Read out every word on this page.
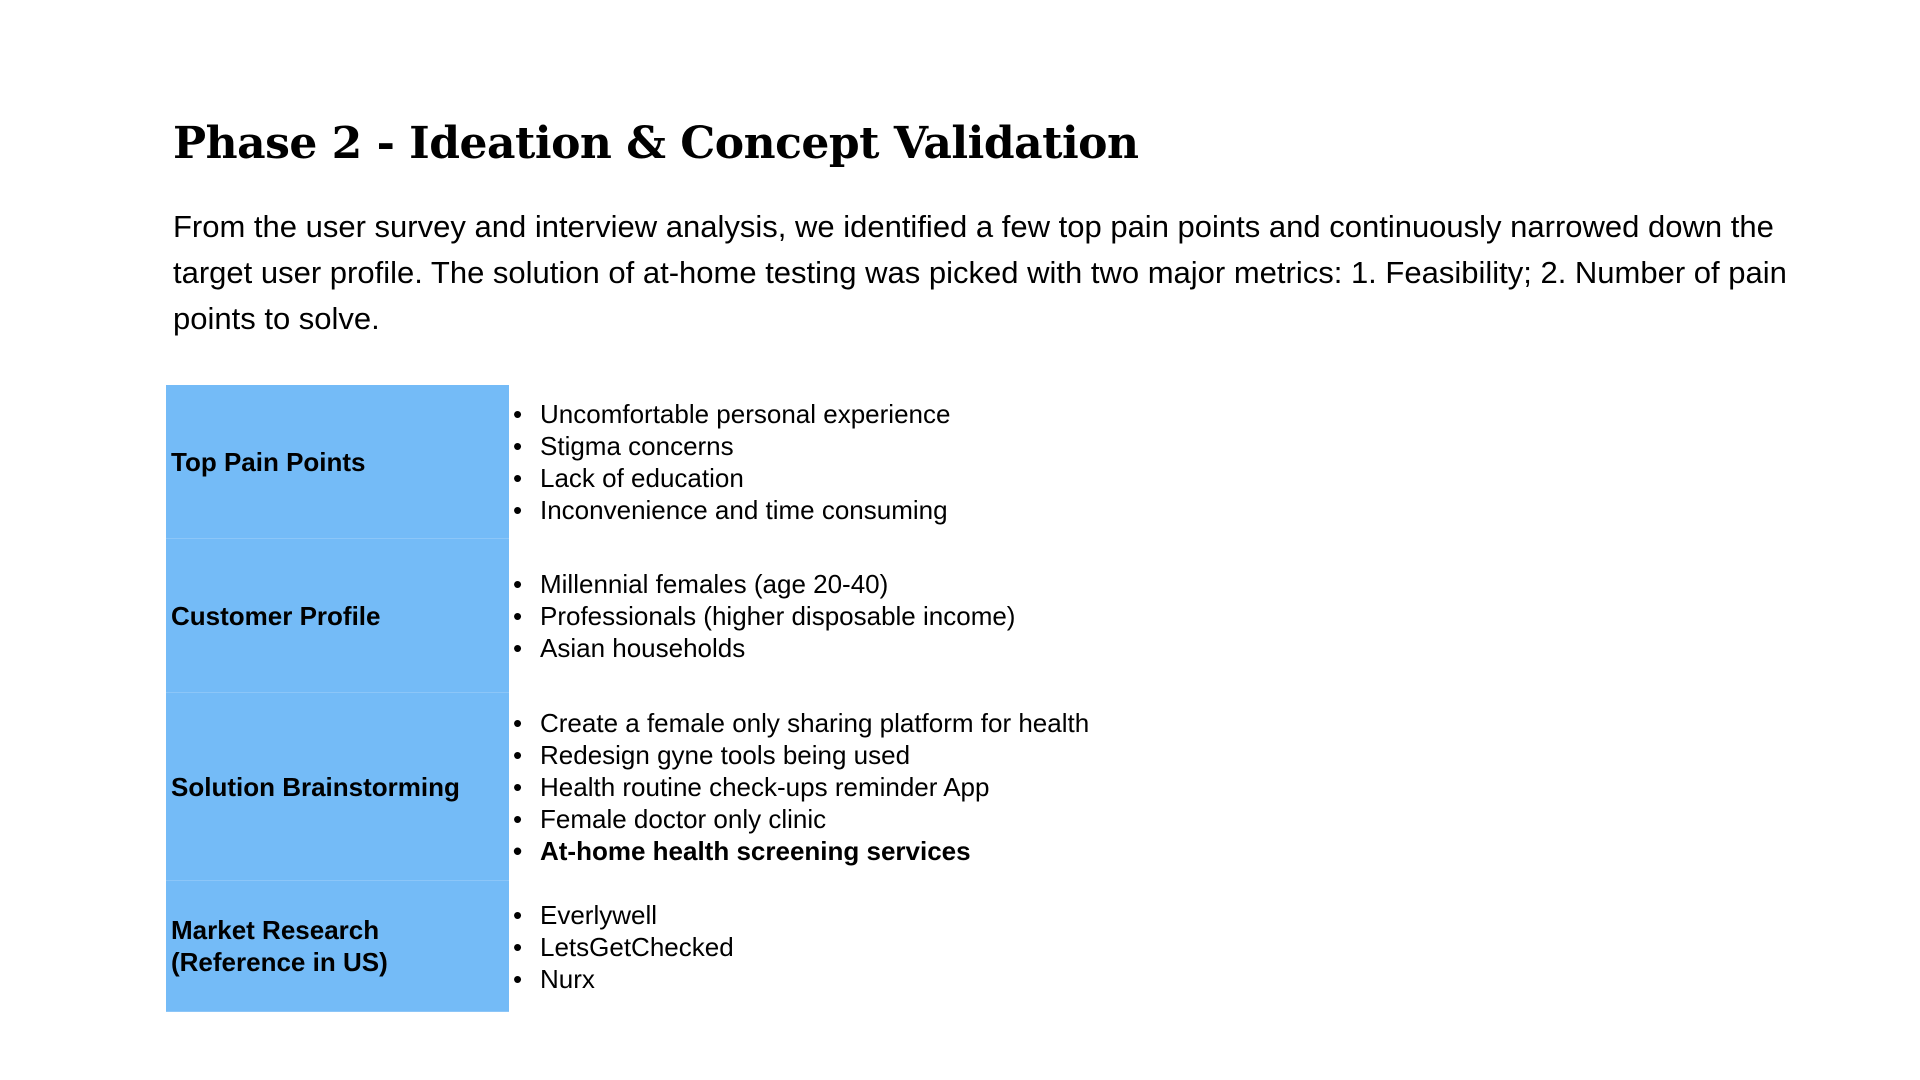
Phase 2 - Ideation & Concept Validation

From the user survey and interview analysis, we identified a few top pain points and continuously narrowed down the target user profile. The solution of at-home testing was picked with two major metrics: 1. Feasibility; 2. Number of pain points to solve.

Top Pain Points
• Uncomfortable personal experience
• Stigma concerns
• Lack of education
• Inconvenience and time consuming
Customer Profile
• Millennial females (age 20-40)
• Professionals (higher disposable income)
• Asian households
Solution Brainstorming
• Create a female only sharing platform for health
• Redesign gyne tools being used
• Health routine check-ups reminder App
• Female doctor only clinic
• At-home health screening services
Market Research
(Reference in US)
• Everlywell
• LetsGetChecked
• Nurx
